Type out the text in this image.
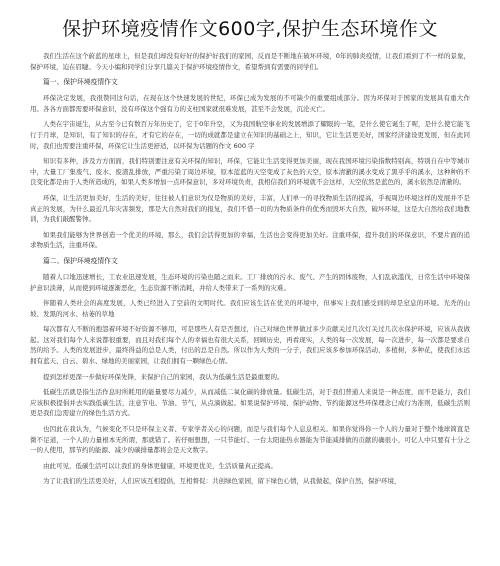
保护环境疫情作文600字,保护生态环境作文

我们生活在这个蔚蓝的星球上，但是我们却没有好好的保护好我们的家园，反而是不断地在破坏环境，0年的肺炎疫情，让我们看到了不一样的景象，保护环境，迫在眉睫。今天小编和同学们分享几篇关于保护环境疫情作文，希望帮到有需要的同学们。

篇一、保护环境疫情作文

环保决定发展，我很赞同这句话，在现在这个快速发展的世纪，环保已成为发展的不可缺少的重要组成部分。因为环保对于国家的发展具有重大作用。各各方面都需要环保意识，没有环保这个强有力的支柱国家就很难发展，甚至不会发展，沉沦灭亡。

人类在宇宙诞生，从古至今已有数百万年历史了，它于0年升空，又为我国航空事业的发展增添了耀眼的一笔，是什么使它诞生了呢，是什么使它能飞行于月球，是知识，有了知识的存在，才有它的存在，一切的成就都是建立在知识的基础之上，知识，它让生活更美好，国家经济建设更发展，但在此同时，我们也需要注重环保，环保它让生活更舒适，以环保为话题的作文 600 字

知识有多种，涉及方方面面，我们特别要注意有关环保的知识，环保，它能让生活变得更加美丽，现在我国环境污染指数特别高，特别自在中等城市中，大量工厂集废气、废水、废渣乱排放，严重污染了周边环境，原本蓝蓝的天空变成了灰色的天空，原本清澈的溪水变成了黑乎乎的溪水，这种种的不良变化都是由于人类所造成的，如果人类多增加一点环保意识，多对环境负责，我相信我们的环境就不会这样，天空依然是蓝色的，溪水依然是清澈的。

环保，让生活更加美好，生活的美好，往往被人们意识为仅是物质的美好，丰富，人们单一的寻找物质生活的提高，乎视周边环境这样的发展并不是真正的发展，为什么最近几年灾害频发，那是大自然对我们的报复，我们不惜一切的为物质条件的优秀而毁坏大自然，破坏环境，这是大自然给我们地教训，为我们敲醒警钟。

如果我们能够为世界创造一个优美的环境，那么，我们会活得更加的幸福，生活也会变得更加美好。注重环保，提升我们的环保意识，不要片面的追求物质生活，注重环保。

篇二、保护环境疫情作文

随着人口地迅速增长，工农业迅速发展，生态环境的污染也随之而来。工厂排放的污水、废气、产生的固体废物，人们乱砍滥伐，日常生活中环境保护意识淡薄，从而使到环境逐渐恶化，生态资源不断消耗，并给人类带来了一系列的灾难。

伴随着人类社会的高度发展，人类已经进入了空前的文明时代。我们应该生活在优美的环境中，但事实上我们感受到的却是窒息的环境。光秃的山坡、发黑的河水、枯萎的草地

每次都有人不断的抱怨着环境不好资源不够用，可是那些人有是否想过，自己对绿色世界做过多少贡献关过几次灯关过几次水保护环境，应该从我做起。这对我们每个人来说都很重要，而且对我们每个人的幸福也有很大关系，回顾历史，再看现实，人类的每一次发展，每一次进步，每一次都是要求自然的给予。人类的发展进步，最终得益的总是人类，付出的总是自然。所以作为人类的一分子，我们应该多参加环保活动，多植树，多种花，使我们永远拥有蓝天、白云、碧水、绿地的美丽家园，让我们拥有一颗绿色心情。

提到怎样更深一步做好环保先锋，来保护自己的家园，我认为低碳生活是最重要的。

低碳生活就是指生活作息时所耗用的能量要尽力减少，从而减低二氧化碳的排放量。低碳生活，对于我们普通人来说是一种态度，而不是能力，我们应该积极提倡并去实践低碳生活，注意节电、节油、节气，从点滴做起。如果说保护环境、保护动物、节约能源这些环保理念已成行为准则，低碳生活则更是我们急需建立的绿色生活方式。

也因此在我认为，气候变化不只是环保主义者、专家学者关心的问题，而是与我们每个人息息相关。如果你觉得你一个人的力量对于整个地球简直是微不足道，一个人的力量根本无所谓，那就错了。若仔细想想，一只节能灯、一台太阳能热水器能为节能减排做的贡献的确很小，可亿人中只要有十分之一的人使用，那节约的能源、减少的碳排量都将会是天文数字。

由此可见，低碳生活可以让我们的身体更健康，环境更优美，生活质量真正提高。

为了让我们的生活更美好，人们应该互相提倡，互相督促：共创绿色家园，留下绿色心情，从我做起，保护自然，保护环境，
